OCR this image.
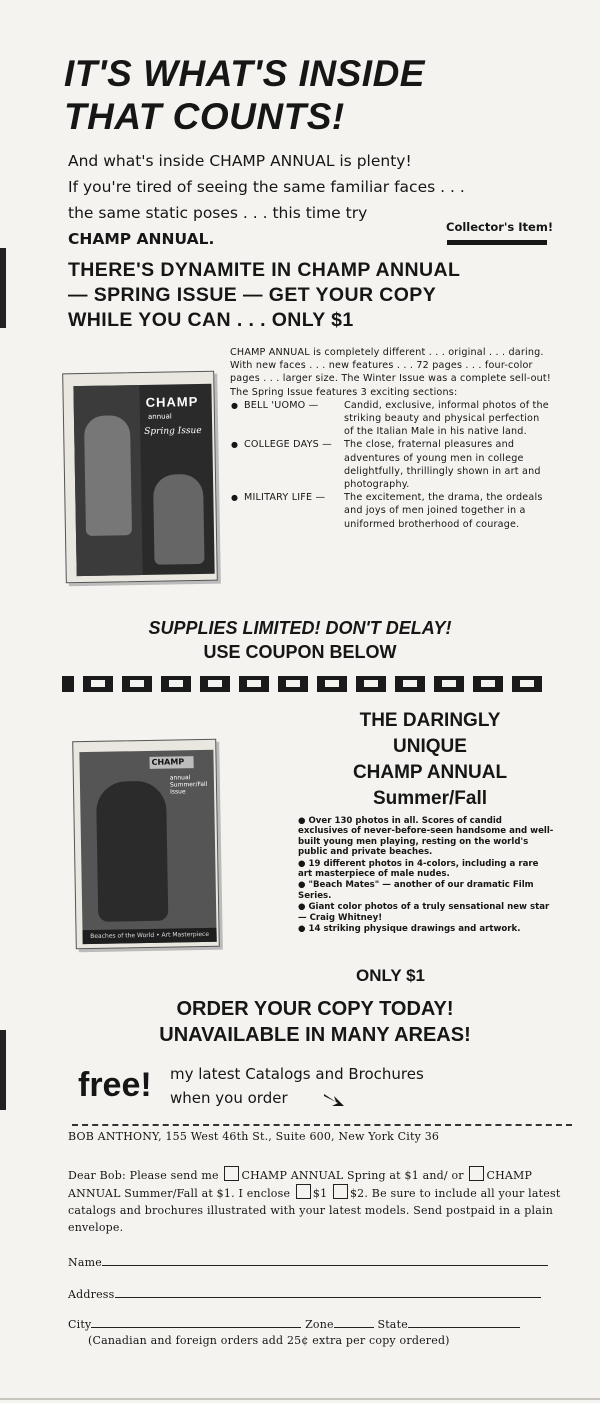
IT'S WHAT'S INSIDE
THAT COUNTS!
And what's inside CHAMP ANNUAL is plenty!
If you're tired of seeing the same familiar faces . . .
the same static poses . . . this time try
CHAMP ANNUAL.
Collector's Item!
THERE'S DYNAMITE IN CHAMP ANNUAL
— SPRING ISSUE — GET YOUR COPY
WHILE YOU CAN . . . ONLY $1
CHAMP
annual
Spring Issue

CHAMP ANNUAL is completely different . . . original . . . daring. With new faces . . . new features . . . 72 pages . . . four-color pages . . . larger size. The Winter Issue was a complete sell-out! The Spring Issue features 3 exciting sections:

● BELL 'UOMO —	Candid, exclusive, informal photos of the striking beauty and physical perfection of the Italian Male in his native land.
● COLLEGE DAYS —	The close, fraternal pleasures and adventures of young men in college delightfully, thrillingly shown in art and photography.
● MILITARY LIFE —	The excitement, the drama, the ordeals and joys of men joined together in a uniformed brotherhood of courage.
SUPPLIES LIMITED! DON'T DELAY!
USE COUPON BELOW
THE DARINGLY
UNIQUE
CHAMP ANNUAL
Summer/Fall
CHAMP
annual Summer/Fall Issue
Beaches of the World • Art Masterpiece
● Over 130 photos in all. Scores of candid exclusives of never-before-seen handsome and well-built young men playing, resting on the world's public and private beaches.
● 19 different photos in 4-colors, including a rare art masterpiece of male nudes.
● "Beach Mates" — another of our dramatic Film Series.
● Giant color photos of a truly sensational new star — Craig Whitney!
● 14 striking physique drawings and artwork.
ONLY $1
ORDER YOUR COPY TODAY!
UNAVAILABLE IN MANY AREAS!
free! my latest Catalogs and Brochures
when you order
BOB ANTHONY, 155 West 46th St., Suite 600, New York City 36
Dear Bob: Please send me CHAMP ANNUAL Spring at $1 and/ or CHAMP ANNUAL Summer/Fall at $1. I enclose $1 $2. Be sure to include all your latest catalogs and brochures illustrated with your latest models. Send postpaid in a plain envelope.
Name
Address
City	Zone	State
(Canadian and foreign orders add 25¢ extra per copy ordered)
